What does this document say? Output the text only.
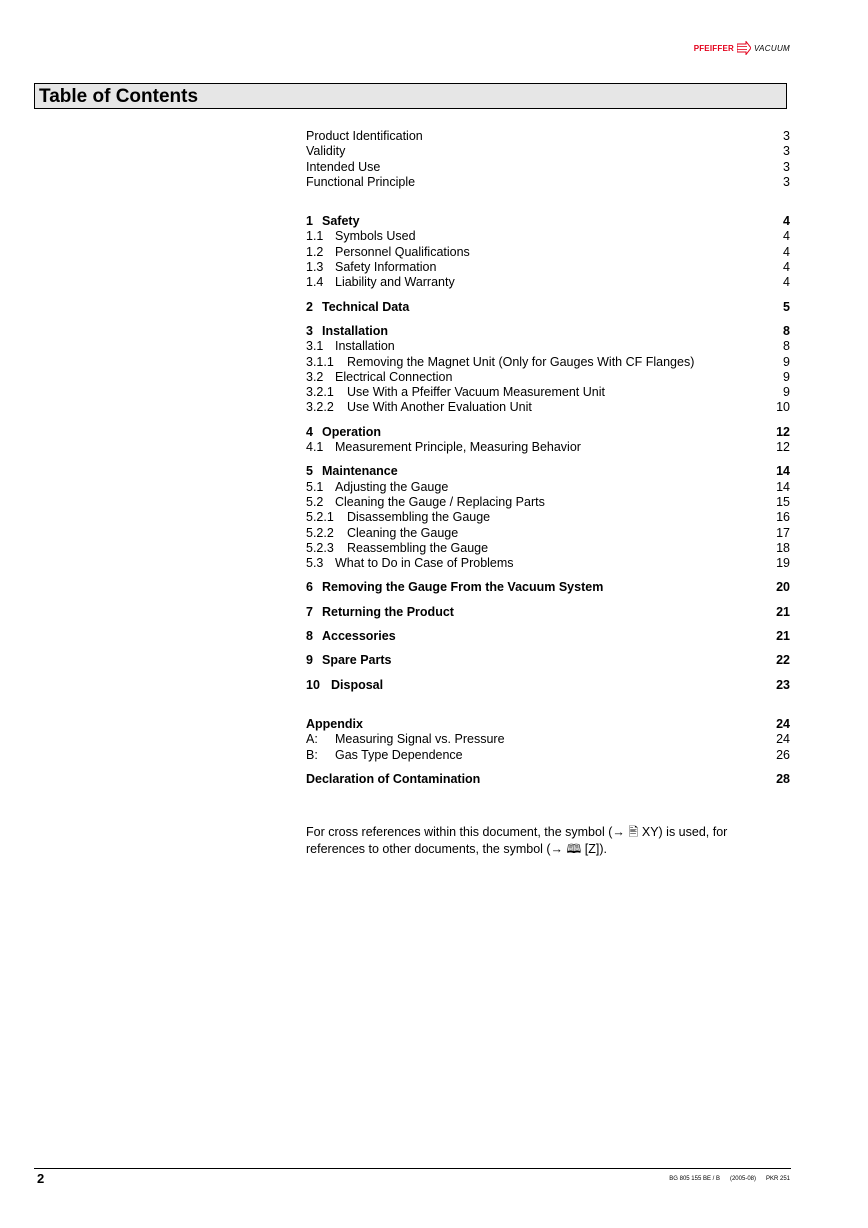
PFEIFFER	VACUUM
Table of Contents
Product Identification	3
Validity	3
Intended Use	3
Functional Principle	3
1 Safety	4
1.1 Symbols Used	4
1.2 Personnel Qualifications	4
1.3 Safety Information	4
1.4 Liability and Warranty	4
2 Technical Data	5
3 Installation	8
3.1 Installation	8
3.1.1	Removing the Magnet Unit (Only for Gauges With CF Flanges)	9
3.2 Electrical Connection	9
3.2.1	Use With a Pfeiffer Vacuum Measurement Unit	9
3.2.2	Use With Another Evaluation Unit	10
4 Operation	12
4.1 Measurement Principle, Measuring Behavior	12
5 Maintenance	14
5.1 Adjusting the Gauge	14
5.2 Cleaning the Gauge / Replacing Parts	15
5.2.1	Disassembling the Gauge	16
5.2.2	Cleaning the Gauge	17
5.2.3	Reassembling the Gauge	18
5.3 What to Do in Case of Problems	19
6 Removing the Gauge From the Vacuum System	20
7 Returning the Product	21
8 Accessories	21
9 Spare Parts	22
10 Disposal	23
Appendix	24
A:	Measuring Signal vs. Pressure	24
B:	Gas Type Dependence	26
Declaration of Contamination	28
For cross references within this document, the symbol (→ 🖹 XY) is used, for
references to other documents, the symbol (→ 🕮 [Z]).
2	BG 805 155 BE / B (2005-08) PKR 251
